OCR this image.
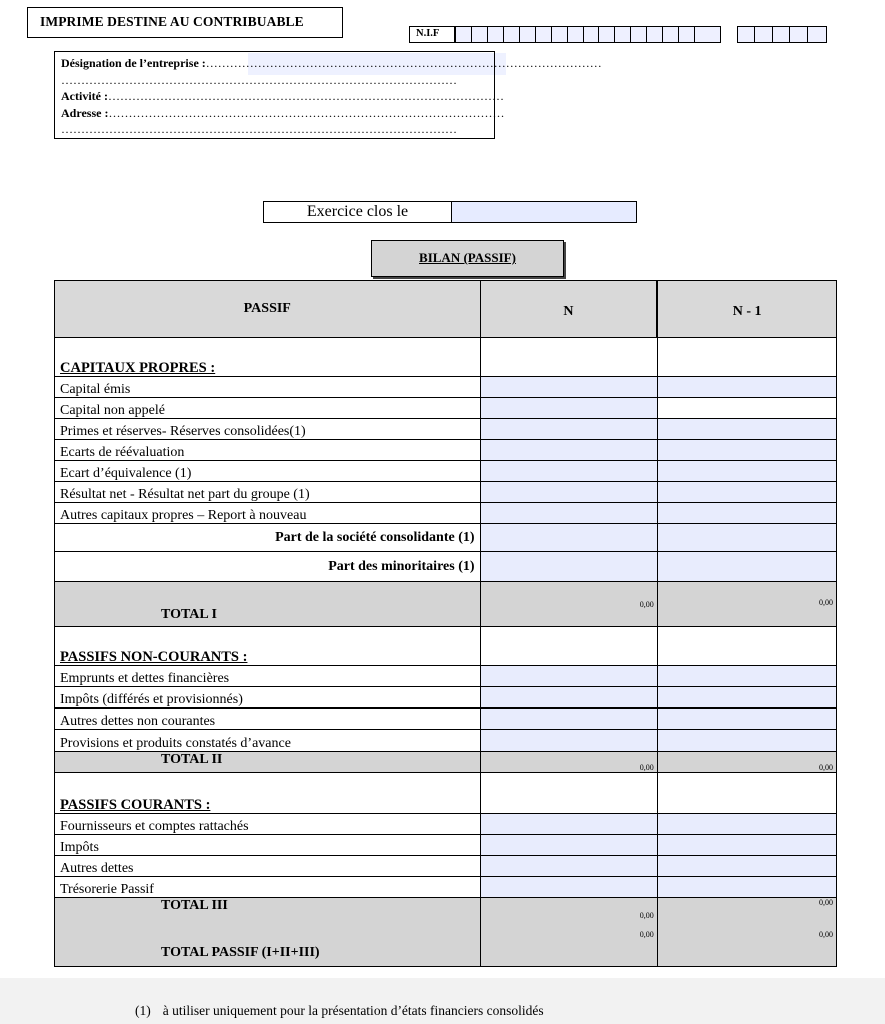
IMPRIME DESTINE AU CONTRIBUABLE
N.I.F
Désignation de l’entreprise :………………………………………………………………………………………
………………………………………………………………………………………
Activité :………………………………………………………………………………………
Adresse :………………………………………………………………………………………
………………………………………………………………………………………
Exercice clos le
BILAN (PASSIF)
PASSIF	N	N - 1
CAPITAUX PROPRES :		
Capital émis		
Capital non appelé		
Primes et réserves- Réserves consolidées(1)		
Ecarts de réévaluation		
Ecart d’équivalence (1)		
Résultat net - Résultat net part du groupe (1)		
Autres capitaux propres – Report à nouveau		
Part de la société consolidante (1)		
Part des minoritaires (1)		
TOTAL I	0,00	0,00
PASSIFS NON-COURANTS :		
Emprunts et dettes financières		
Impôts (différés et provisionnés)		
Autres dettes non courantes		
Provisions et produits constatés d’avance		
TOTAL II	0,00	0,00
PASSIFS COURANTS :		
Fournisseurs et comptes rattachés		
Impôts		
Autres dettes		
Trésorerie Passif		
TOTAL III	0,00	0,00
TOTAL PASSIF (I+II+III)	0,00	0,00
(1) à utiliser uniquement pour la présentation d’états financiers consolidés
